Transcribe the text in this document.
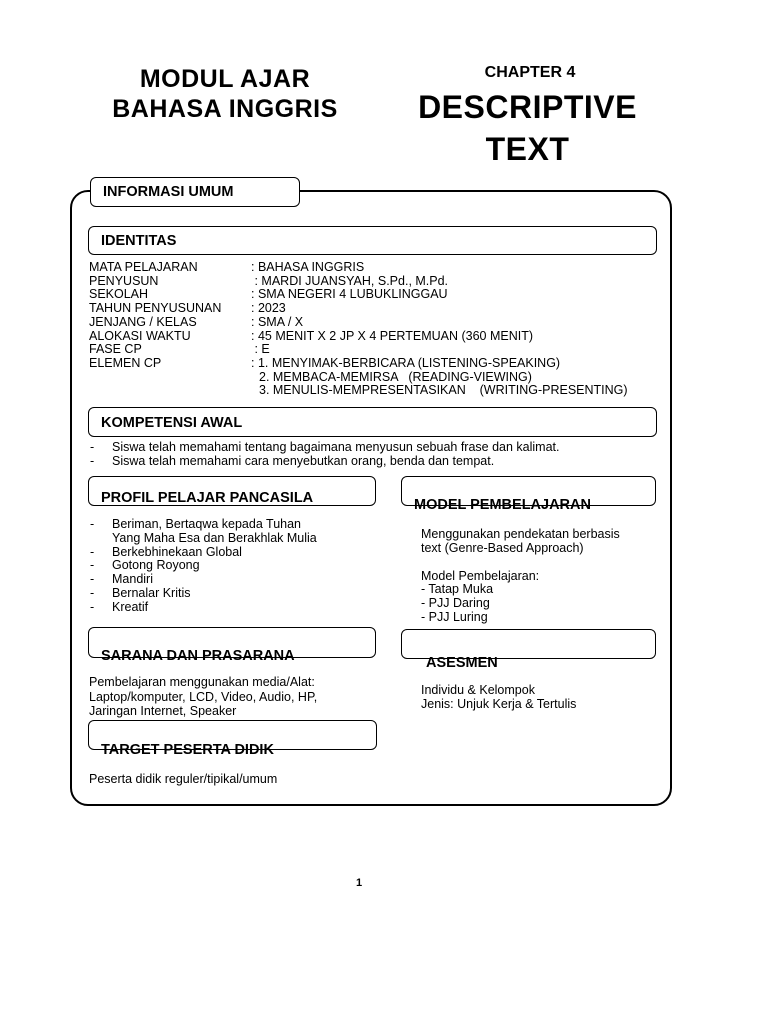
MODUL AJAR
BAHASA INGGRIS
CHAPTER 4
DESCRIPTIVE
TEXT
INFORMASI UMUM
IDENTITAS
MATA PELAJARAN	: BAHASA INGGRIS
PENYUSUN	: MARDI JUANSYAH, S.Pd., M.Pd.
SEKOLAH	: SMA NEGERI 4 LUBUKLINGGAU
TAHUN PENYUSUNAN	: 2023
JENJANG / KELAS	: SMA / X
ALOKASI WAKTU	: 45 MENIT X 2 JP X 4 PERTEMUAN (360 MENIT)
FASE CP	: E
ELEMEN CP	: 1. MENYIMAK-BERBICARA (LISTENING-SPEAKING)
2. MEMBACA-MEMIRSA   (READING-VIEWING)
3. MENULIS-MEMPRESENTASIKAN    (WRITING-PRESENTING)
KOMPETENSI AWAL
- Siswa telah memahami tentang bagaimana menyusun sebuah frase dan kalimat.
- Siswa telah memahami cara menyebutkan orang, benda dan tempat.
PROFIL PELAJAR PANCASILA
- Beriman, Bertaqwa kepada Tuhan
Yang Maha Esa dan Berakhlak Mulia
- Berkebhinekaan Global
- Gotong Royong
- Mandiri
- Bernalar Kritis
- Kreatif
MODEL PEMBELAJARAN
Menggunakan pendekatan berbasis
text (Genre-Based Approach)
Model Pembelajaran:
- Tatap Muka
- PJJ Daring
- PJJ Luring
SARANA DAN PRASARANA
Pembelajaran menggunakan media/Alat:
Laptop/komputer, LCD, Video, Audio, HP,
Jaringan Internet, Speaker
ASESMEN
Individu & Kelompok
Jenis: Unjuk Kerja & Tertulis
TARGET PESERTA DIDIK
Peserta didik reguler/tipikal/umum
1
